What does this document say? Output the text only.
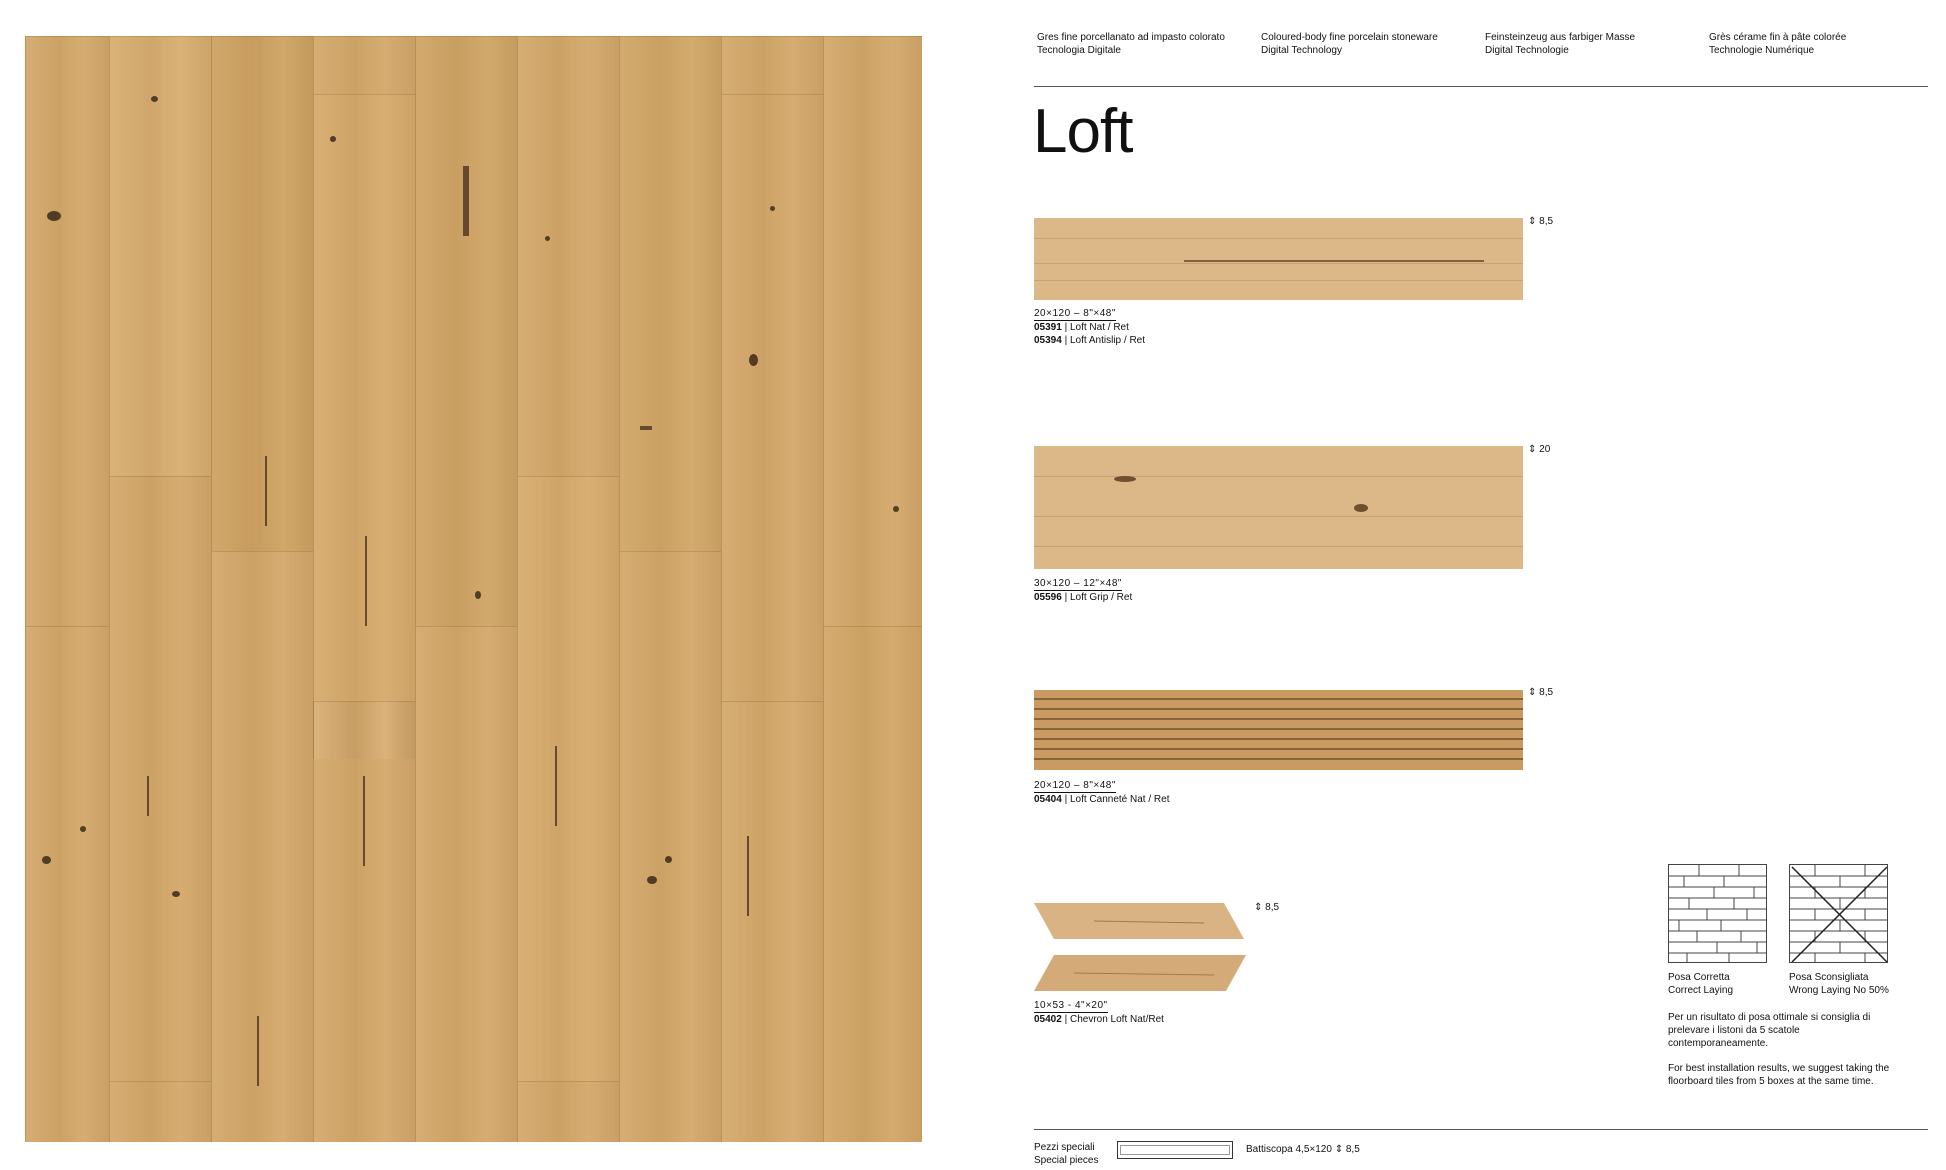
Gres fine porcellanato ad impasto colorato
Tecnologia Digitale
Coloured-body fine porcelain stoneware
Digital Technology
Feinsteinzeug aus farbiger Masse
Digital Technologie
Grès cérame fin à pâte colorée
Technologie Numérique
Loft
⇕ 8,5
20×120 – 8"×48"
05391 | Loft Nat / Ret
05394 | Loft Antislip / Ret
⇕ 20
30×120 – 12"×48"
05596 | Loft Grip / Ret
⇕ 8,5
20×120 – 8"×48"
05404 | Loft Canneté Nat / Ret
⇕ 8,5
10×53 - 4"×20"
05402 | Chevron Loft Nat/Ret
Posa Corretta
Correct Laying
Posa Sconsigliata
Wrong Laying No 50%
Per un risultato di posa ottimale si consiglia di prelevare i listoni da 5 scatole contemporaneamente.
For best installation results, we suggest taking the floorboard tiles from 5 boxes at the same time.
Pezzi speciali
Special pieces
Battiscopa 4,5×120 ⇕ 8,5
